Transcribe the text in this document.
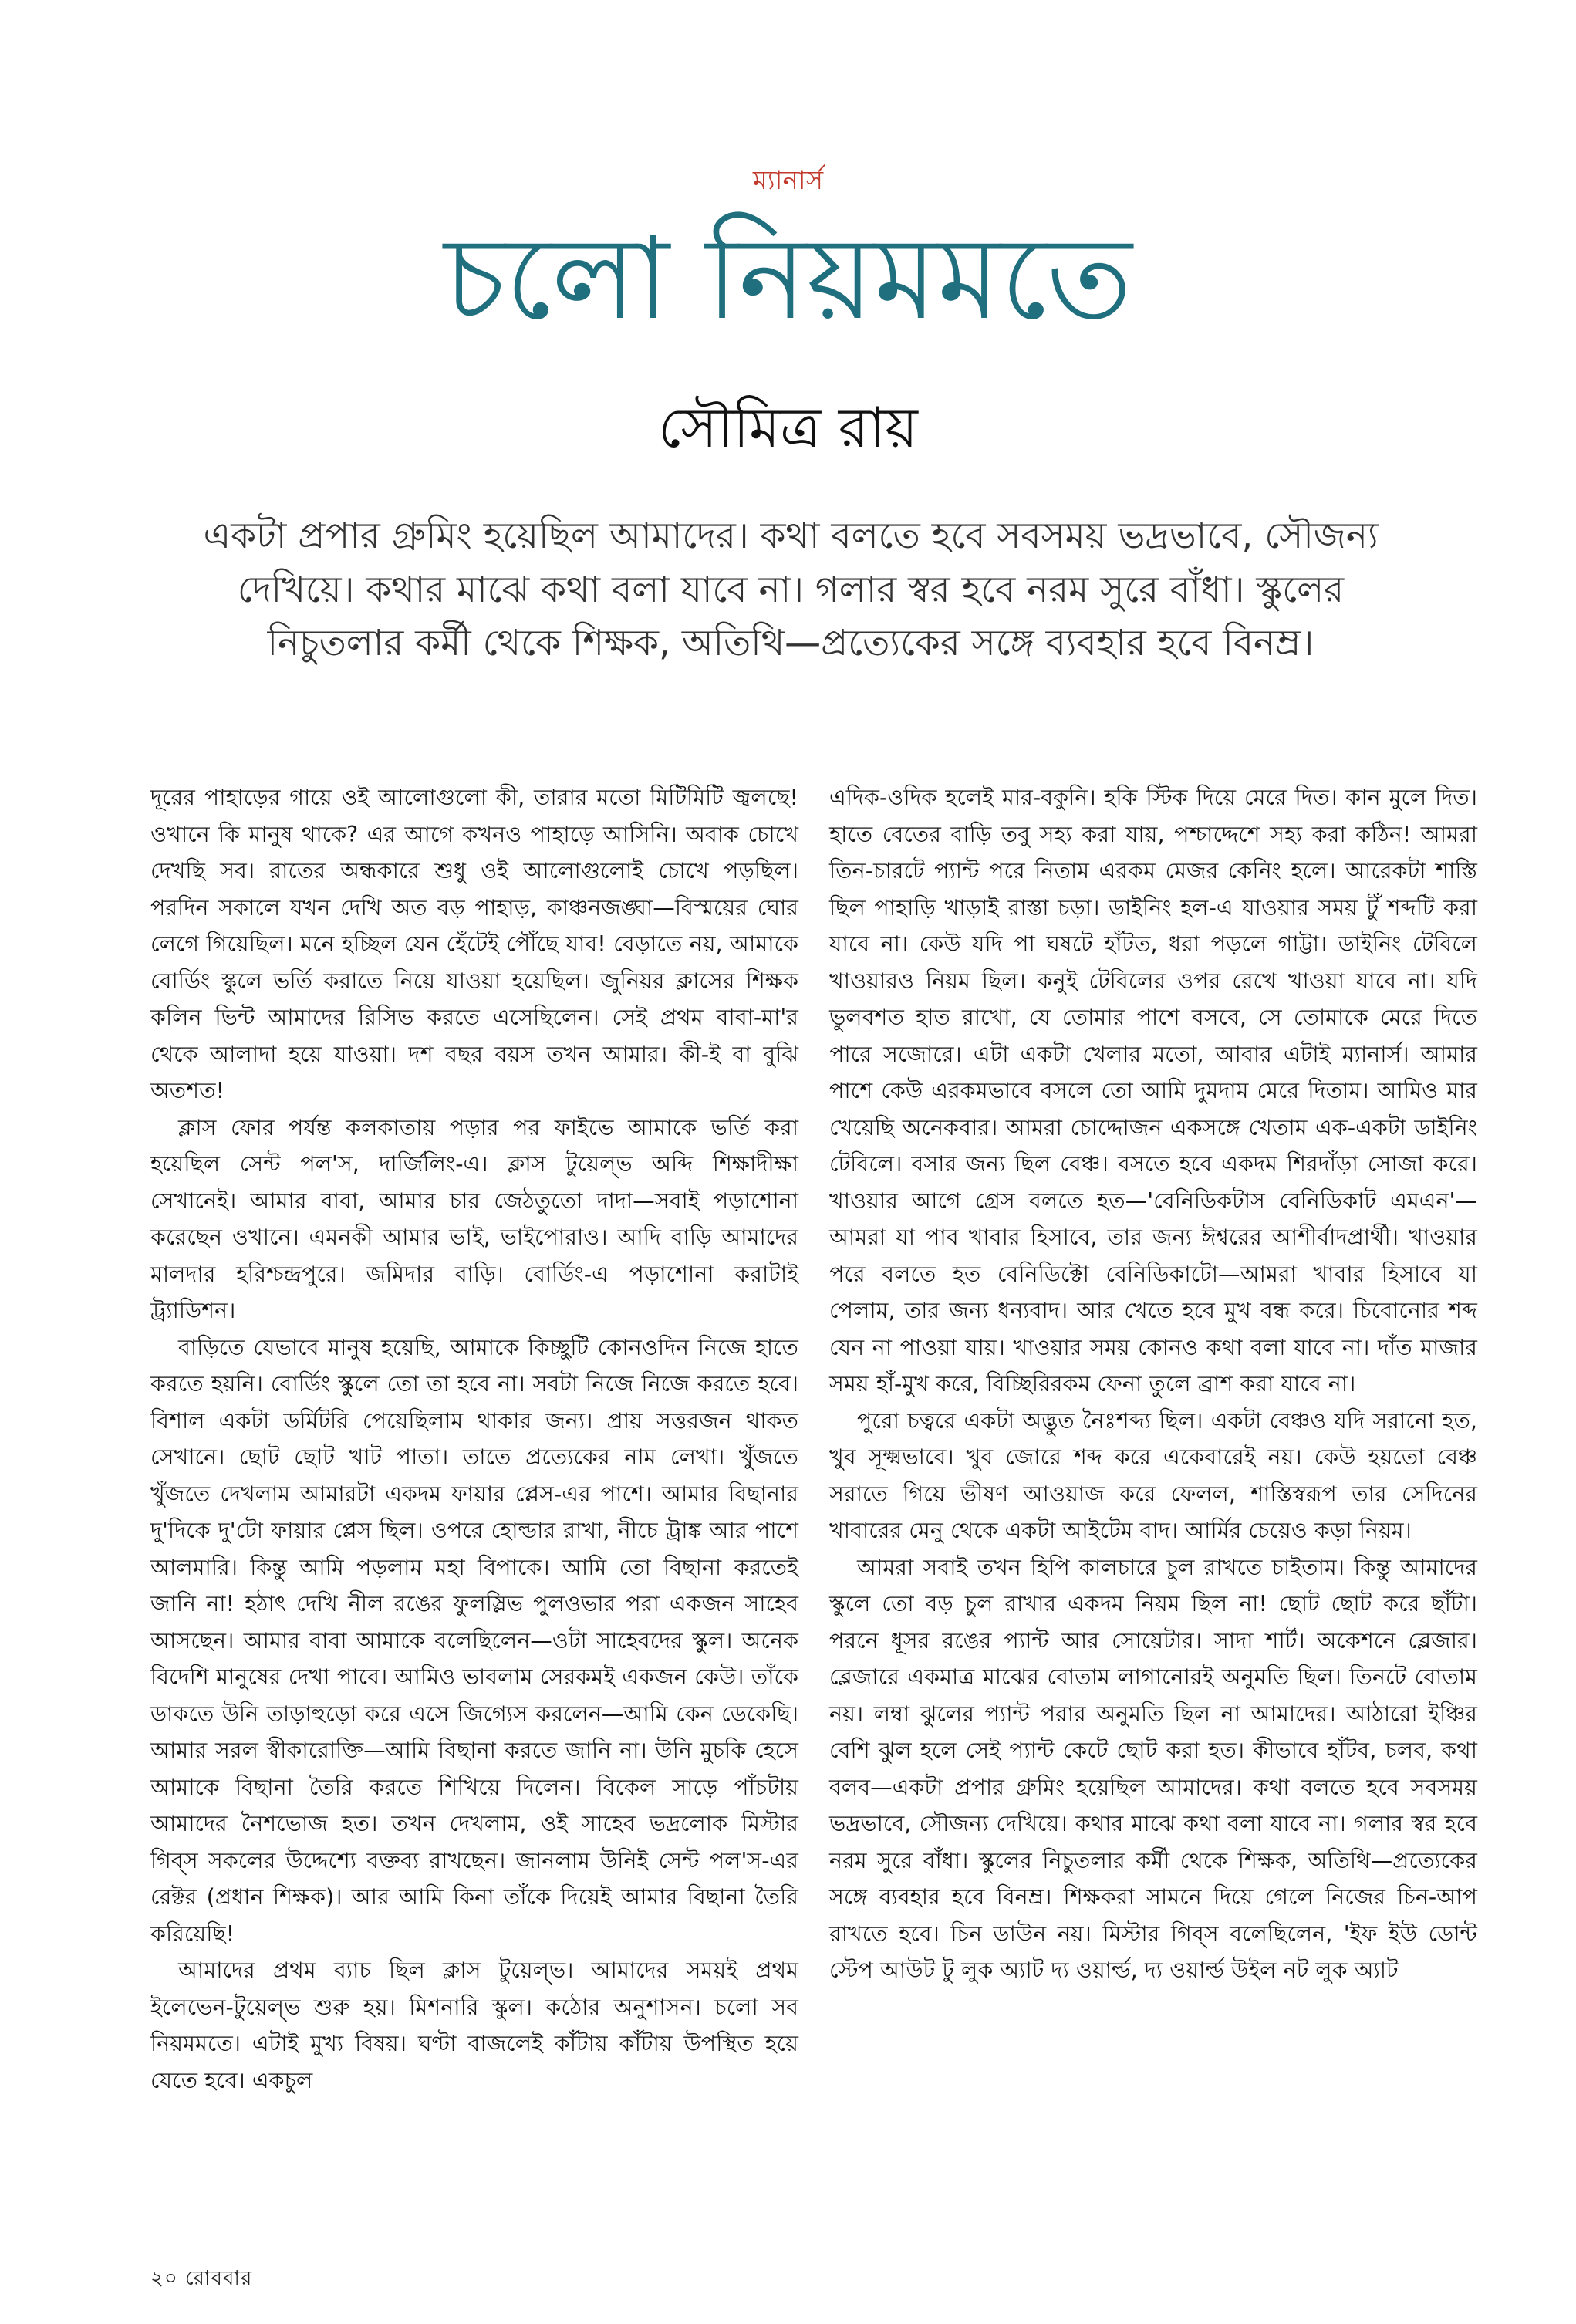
ম্যানার্স
চলো নিয়মমতে
সৌমিত্র রায়
একটা প্রপার গ্রুমিং হয়েছিল আমাদের। কথা বলতে হবে সবসময় ভদ্রভাবে, সৌজন্য দেখিয়ে। কথার মাঝে কথা বলা যাবে না। গলার স্বর হবে নরম সুরে বাঁধা। স্কুলের নিচুতলার কর্মী থেকে শিক্ষক, অতিথি—প্রত্যেকের সঙ্গে ব্যবহার হবে বিনম্র।

দূরের পাহাড়ের গায়ে ওই আলোগুলো কী, তারার মতো মিটিমিটি জ্বলছে! ওখানে কি মানুষ থাকে? এর আগে কখনও পাহাড়ে আসিনি। অবাক চোখে দেখছি সব। রাতের অন্ধকারে শুধু ওই আলোগুলোই চোখে পড়ছিল। পরদিন সকালে যখন দেখি অত বড় পাহাড়, কাঞ্চনজঙ্ঘা—বিস্ময়ের ঘোর লেগে গিয়েছিল। মনে হচ্ছিল যেন হেঁটেই পৌঁছে যাব! বেড়াতে নয়, আমাকে বোর্ডিং স্কুলে ভর্তি করাতে নিয়ে যাওয়া হয়েছিল। জুনিয়র ক্লাসের শিক্ষক কলিন ভিন্ট আমাদের রিসিভ করতে এসেছিলেন। সেই প্রথম বাবা-মা'র থেকে আলাদা হয়ে যাওয়া। দশ বছর বয়স তখন আমার। কী-ই বা বুঝি অতশত!

ক্লাস ফোর পর্যন্ত কলকাতায় পড়ার পর ফাইভে আমাকে ভর্তি করা হয়েছিল সেন্ট পল'স, দার্জিলিং-এ। ক্লাস টুয়েল্ভ অব্দি শিক্ষাদীক্ষা সেখানেই। আমার বাবা, আমার চার জেঠতুতো দাদা—সবাই পড়াশোনা করেছেন ওখানে। এমনকী আমার ভাই, ভাইপোরাও। আদি বাড়ি আমাদের মালদার হরিশ্চন্দ্রপুরে। জমিদার বাড়ি। বোর্ডিং-এ পড়াশোনা করাটাই ট্র্যাডিশন।

বাড়িতে যেভাবে মানুষ হয়েছি, আমাকে কিচ্ছুটি কোনওদিন নিজে হাতে করতে হয়নি। বোর্ডিং স্কুলে তো তা হবে না। সবটা নিজে নিজে করতে হবে। বিশাল একটা ডর্মিটরি পেয়েছিলাম থাকার জন্য। প্রায় সত্তরজন থাকত সেখানে। ছোট ছোট খাট পাতা। তাতে প্রত্যেকের নাম লেখা। খুঁজতে খুঁজতে দেখলাম আমারটা একদম ফায়ার প্লেস-এর পাশে। আমার বিছানার দু'দিকে দু'টো ফায়ার প্লেস ছিল। ওপরে হোল্ডার রাখা, নীচে ট্রাঙ্ক আর পাশে আলমারি। কিন্তু আমি পড়লাম মহা বিপাকে। আমি তো বিছানা করতেই জানি না! হঠাৎ দেখি নীল রঙের ফুলস্লিভ পুলওভার পরা একজন সাহেব আসছেন। আমার বাবা আমাকে বলেছিলেন—ওটা সাহেবদের স্কুল। অনেক বিদেশি মানুষের দেখা পাবে। আমিও ভাবলাম সেরকমই একজন কেউ। তাঁকে ডাকতে উনি তাড়াহুড়ো করে এসে জিগ্যেস করলেন—আমি কেন ডেকেছি। আমার সরল স্বীকারোক্তি—আমি বিছানা করতে জানি না। উনি মুচকি হেসে আমাকে বিছানা তৈরি করতে শিখিয়ে দিলেন। বিকেল সাড়ে পাঁচটায় আমাদের নৈশভোজ হত। তখন দেখলাম, ওই সাহেব ভদ্রলোক মিস্টার গিব্স সকলের উদ্দেশ্যে বক্তব্য রাখছেন। জানলাম উনিই সেন্ট পল'স-এর রেক্টর (প্রধান শিক্ষক)। আর আমি কিনা তাঁকে দিয়েই আমার বিছানা তৈরি করিয়েছি!

আমাদের প্রথম ব্যাচ ছিল ক্লাস টুয়েল্ভ। আমাদের সময়ই প্রথম ইলেভেন-টুয়েল্ভ শুরু হয়। মিশনারি স্কুল। কঠোর অনুশাসন। চলো সব নিয়মমতে। এটাই মুখ্য বিষয়। ঘণ্টা বাজলেই কাঁটায় কাঁটায় উপস্থিত হয়ে যেতে হবে। একচুল

এদিক-ওদিক হলেই মার-বকুনি। হকি স্টিক দিয়ে মেরে দিত। কান মুলে দিত। হাতে বেতের বাড়ি তবু সহ্য করা যায়, পশ্চাদ্দেশে সহ্য করা কঠিন! আমরা তিন-চারটে প্যান্ট পরে নিতাম এরকম মেজর কেনিং হলে। আরেকটা শাস্তি ছিল পাহাড়ি খাড়াই রাস্তা চড়া। ডাইনিং হল-এ যাওয়ার সময় টুঁ শব্দটি করা যাবে না। কেউ যদি পা ঘষটে হাঁটত, ধরা পড়লে গাট্টা। ডাইনিং টেবিলে খাওয়ারও নিয়ম ছিল। কনুই টেবিলের ওপর রেখে খাওয়া যাবে না। যদি ভুলবশত হাত রাখো, যে তোমার পাশে বসবে, সে তোমাকে মেরে দিতে পারে সজোরে। এটা একটা খেলার মতো, আবার এটাই ম্যানার্স। আমার পাশে কেউ এরকমভাবে বসলে তো আমি দুমদাম মেরে দিতাম। আমিও মার খেয়েছি অনেকবার। আমরা চোদ্দোজন একসঙ্গে খেতাম এক-একটা ডাইনিং টেবিলে। বসার জন্য ছিল বেঞ্চ। বসতে হবে একদম শিরদাঁড়া সোজা করে। খাওয়ার আগে গ্রেস বলতে হত—'বেনিডিকটাস বেনিডিকাট এমএন'—আমরা যা পাব খাবার হিসাবে, তার জন্য ঈশ্বরের আশীর্বাদপ্রার্থী। খাওয়ার পরে বলতে হত বেনিডিক্টো বেনিডিকাটো—আমরা খাবার হিসাবে যা পেলাম, তার জন্য ধন্যবাদ। আর খেতে হবে মুখ বন্ধ করে। চিবোনোর শব্দ যেন না পাওয়া যায়। খাওয়ার সময় কোনও কথা বলা যাবে না। দাঁত মাজার সময় হাঁ-মুখ করে, বিচ্ছিরিরকম ফেনা তুলে ব্রাশ করা যাবে না।

পুরো চত্বরে একটা অদ্ভুত নৈঃশব্দ্য ছিল। একটা বেঞ্চও যদি সরানো হত, খুব সূক্ষ্মভাবে। খুব জোরে শব্দ করে একেবারেই নয়। কেউ হয়তো বেঞ্চ সরাতে গিয়ে ভীষণ আওয়াজ করে ফেলল, শাস্তিস্বরূপ তার সেদিনের খাবারের মেনু থেকে একটা আইটেম বাদ। আর্মির চেয়েও কড়া নিয়ম।

আমরা সবাই তখন হিপি কালচারে চুল রাখতে চাইতাম। কিন্তু আমাদের স্কুলে তো বড় চুল রাখার একদম নিয়ম ছিল না! ছোট ছোট করে ছাঁটা। পরনে ধূসর রঙের প্যান্ট আর সোয়েটার। সাদা শার্ট। অকেশনে ব্লেজার। ব্লেজারে একমাত্র মাঝের বোতাম লাগানোরই অনুমতি ছিল। তিনটে বোতাম নয়। লম্বা ঝুলের প্যান্ট পরার অনুমতি ছিল না আমাদের। আঠারো ইঞ্চির বেশি ঝুল হলে সেই প্যান্ট কেটে ছোট করা হত। কীভাবে হাঁটব, চলব, কথা বলব—একটা প্রপার গ্রুমিং হয়েছিল আমাদের। কথা বলতে হবে সবসময় ভদ্রভাবে, সৌজন্য দেখিয়ে। কথার মাঝে কথা বলা যাবে না। গলার স্বর হবে নরম সুরে বাঁধা। স্কুলের নিচুতলার কর্মী থেকে শিক্ষক, অতিথি—প্রত্যেকের সঙ্গে ব্যবহার হবে বিনম্র। শিক্ষকরা সামনে দিয়ে গেলে নিজের চিন-আপ রাখতে হবে। চিন ডাউন নয়। মিস্টার গিব্স বলেছিলেন, 'ইফ ইউ ডোন্ট স্টেপ আউট টু লুক অ্যাট দ্য ওয়ার্ল্ড, দ্য ওয়ার্ল্ড উইল নট লুক অ্যাট

২০ রোববার
